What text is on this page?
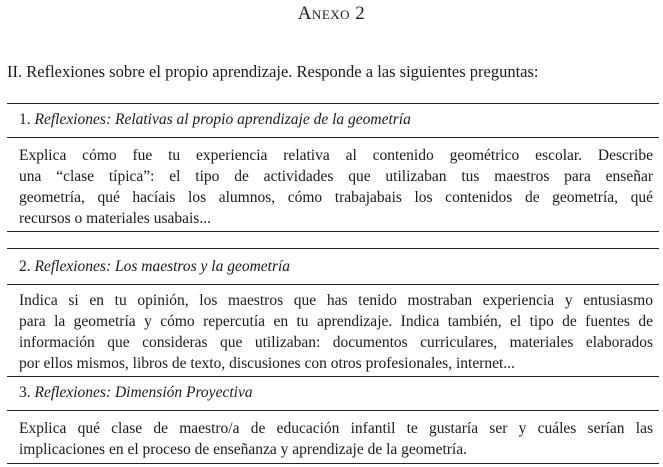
Anexo 2
II. Reflexiones sobre el propio aprendizaje. Responde a las siguientes preguntas:
1. Reflexiones: Relativas al propio aprendizaje de la geometría
Explica cómo fue tu experiencia relativa al contenido geométrico escolar. Describe
una “clase típica”: el tipo de actividades que utilizaban tus maestros para enseñar
geometría, qué hacíais los alumnos, cómo trabajabais los contenidos de geometría, qué
recursos o materiales usabais...
2. Reflexiones: Los maestros y la geometría
Indica si en tu opinión, los maestros que has tenido mostraban experiencia y entusiasmo
para la geometría y cómo repercutía en tu aprendizaje. Indica también, el tipo de fuentes de
información que consideras que utilizaban: documentos curriculares, materiales elaborados
por ellos mismos, libros de texto, discusiones con otros profesionales, internet...
3. Reflexiones: Dimensión Proyectiva
Explica qué clase de maestro/a de educación infantil te gustaría ser y cuáles serían las
implicaciones en el proceso de enseñanza y aprendizaje de la geometría.
